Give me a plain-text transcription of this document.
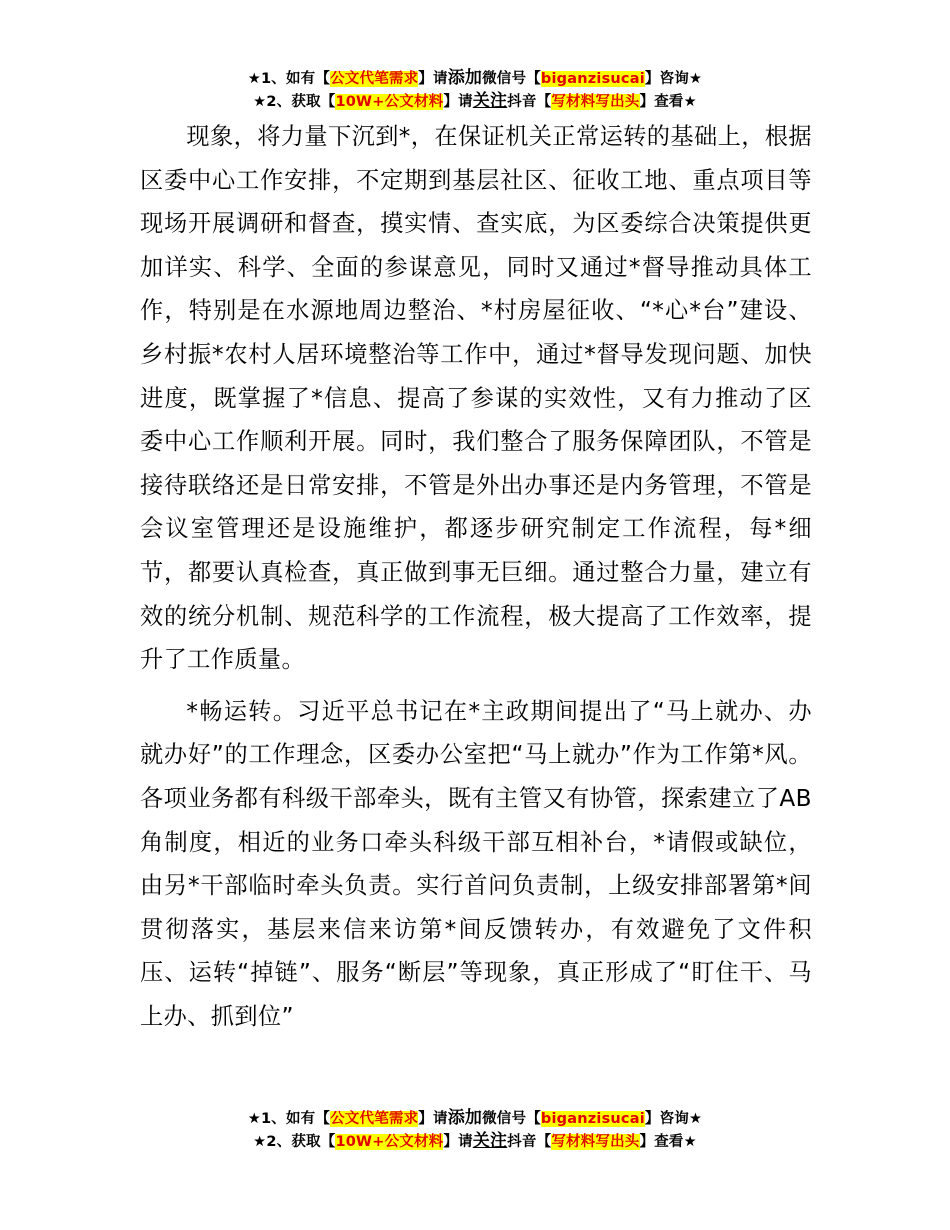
★1、如有【公文代笔需求】请添加微信号【biganzisucai】咨询★
★2、获取【10W+公文材料】请关注抖音【写材料写出头】查看★

现象，将力量下沉到*，在保证机关正常运转的基础上，根据区委中心工作安排，不定期到基层社区、征收工地、重点项目等现场开展调研和督查，摸实情、查实底，为区委综合决策提供更加详实、科学、全面的参谋意见，同时又通过*督导推动具体工作，特别是在水源地周边整治、*村房屋征收、“*心*台”建设、乡村振*农村人居环境整治等工作中，通过*督导发现问题、加快进度，既掌握了*信息、提高了参谋的实效性，又有力推动了区委中心工作顺利开展。同时，我们整合了服务保障团队，不管是接待联络还是日常安排，不管是外出办事还是内务管理，不管是会议室管理还是设施维护，都逐步研究制定工作流程，每*细节，都要认真检查，真正做到事无巨细。通过整合力量，建立有效的统分机制、规范科学的工作流程，极大提高了工作效率，提升了工作质量。

*畅运转。习近平总书记在*主政期间提出了“马上就办、办就办好”的工作理念，区委办公室把“马上就办”作为工作第*风。各项业务都有科级干部牵头，既有主管又有协管，探索建立了AB角制度，相近的业务口牵头科级干部互相补台，*请假或缺位，由另*干部临时牵头负责。实行首问负责制，上级安排部署第*间贯彻落实，基层来信来访第*间反馈转办，有效避免了文件积压、运转“掉链”、服务“断层”等现象，真正形成了“盯住干、马上办、抓到位”

★1、如有【公文代笔需求】请添加微信号【biganzisucai】咨询★
★2、获取【10W+公文材料】请关注抖音【写材料写出头】查看★
